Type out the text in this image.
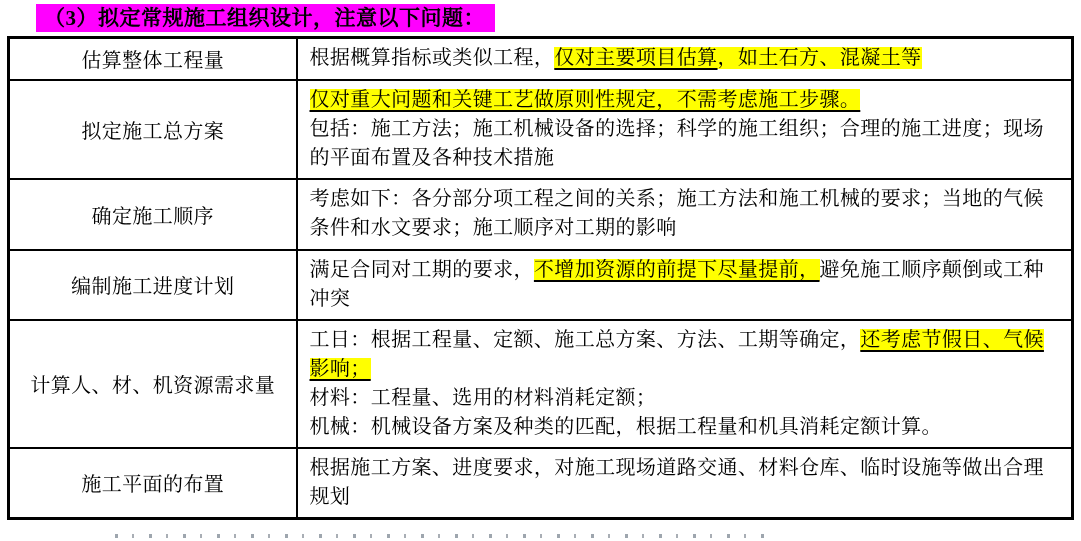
（3）拟定常规施工组织设计，注意以下问题：
估算整体工程量	根据概算指标或类似工程，仅对主要项目估算，如土石方、混凝土等

拟定施工总方案	仅对重大问题和关键工艺做原则性规定，不需考虑施工步骤。
包括：施工方法；施工机械设备的选择；科学的施工组织；合理的施工进度；现场的平面布置及各种技术措施

确定施工顺序	考虑如下：各分部分项工程之间的关系；施工方法和施工机械的要求；当地的气候条件和水文要求；施工顺序对工期的影响

编制施工进度计划	满足合同对工期的要求，不增加资源的前提下尽量提前，避免施工顺序颠倒或工种冲突

计算人、材、机资源需求量	工日：根据工程量、定额、施工总方案、方法、工期等确定，还考虑节假日、气候影响；
材料：工程量、选用的材料消耗定额；
机械：机械设备方案及种类的匹配，根据工程量和机具消耗定额计算。

施工平面的布置	根据施工方案、进度要求，对施工现场道路交通、材料仓库、临时设施等做出合理规划
